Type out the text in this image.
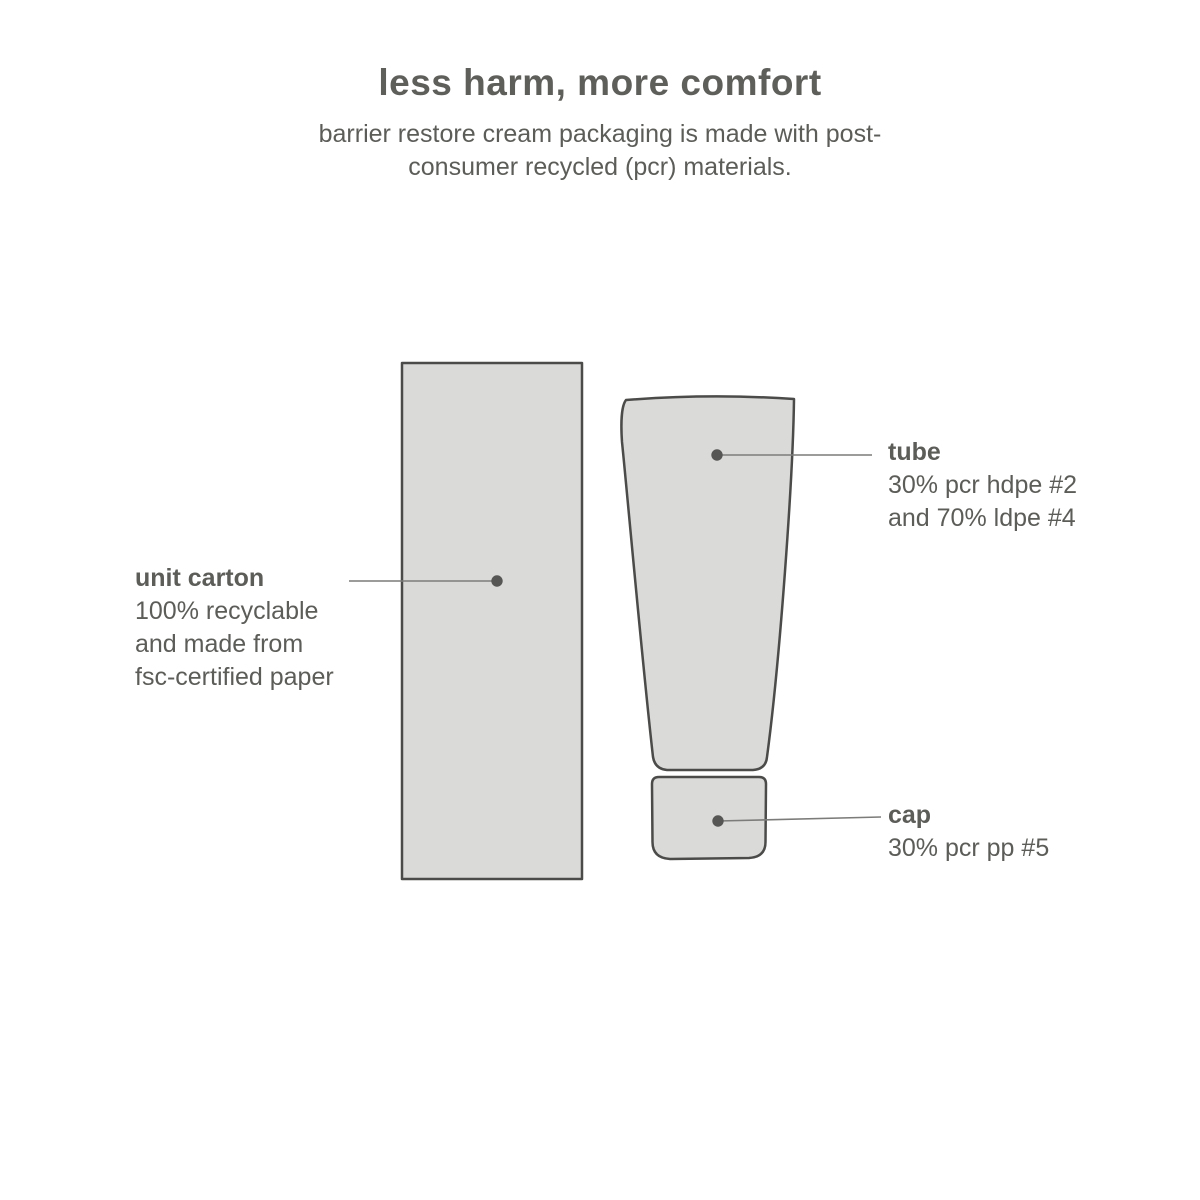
less harm, more comfort

barrier restore cream packaging is made with post-
consumer recycled (pcr) materials.

unit carton
100% recyclable
and made from
fsc-certified paper
tube
30% pcr hdpe #2
and 70% ldpe #4
cap
30% pcr pp #5
